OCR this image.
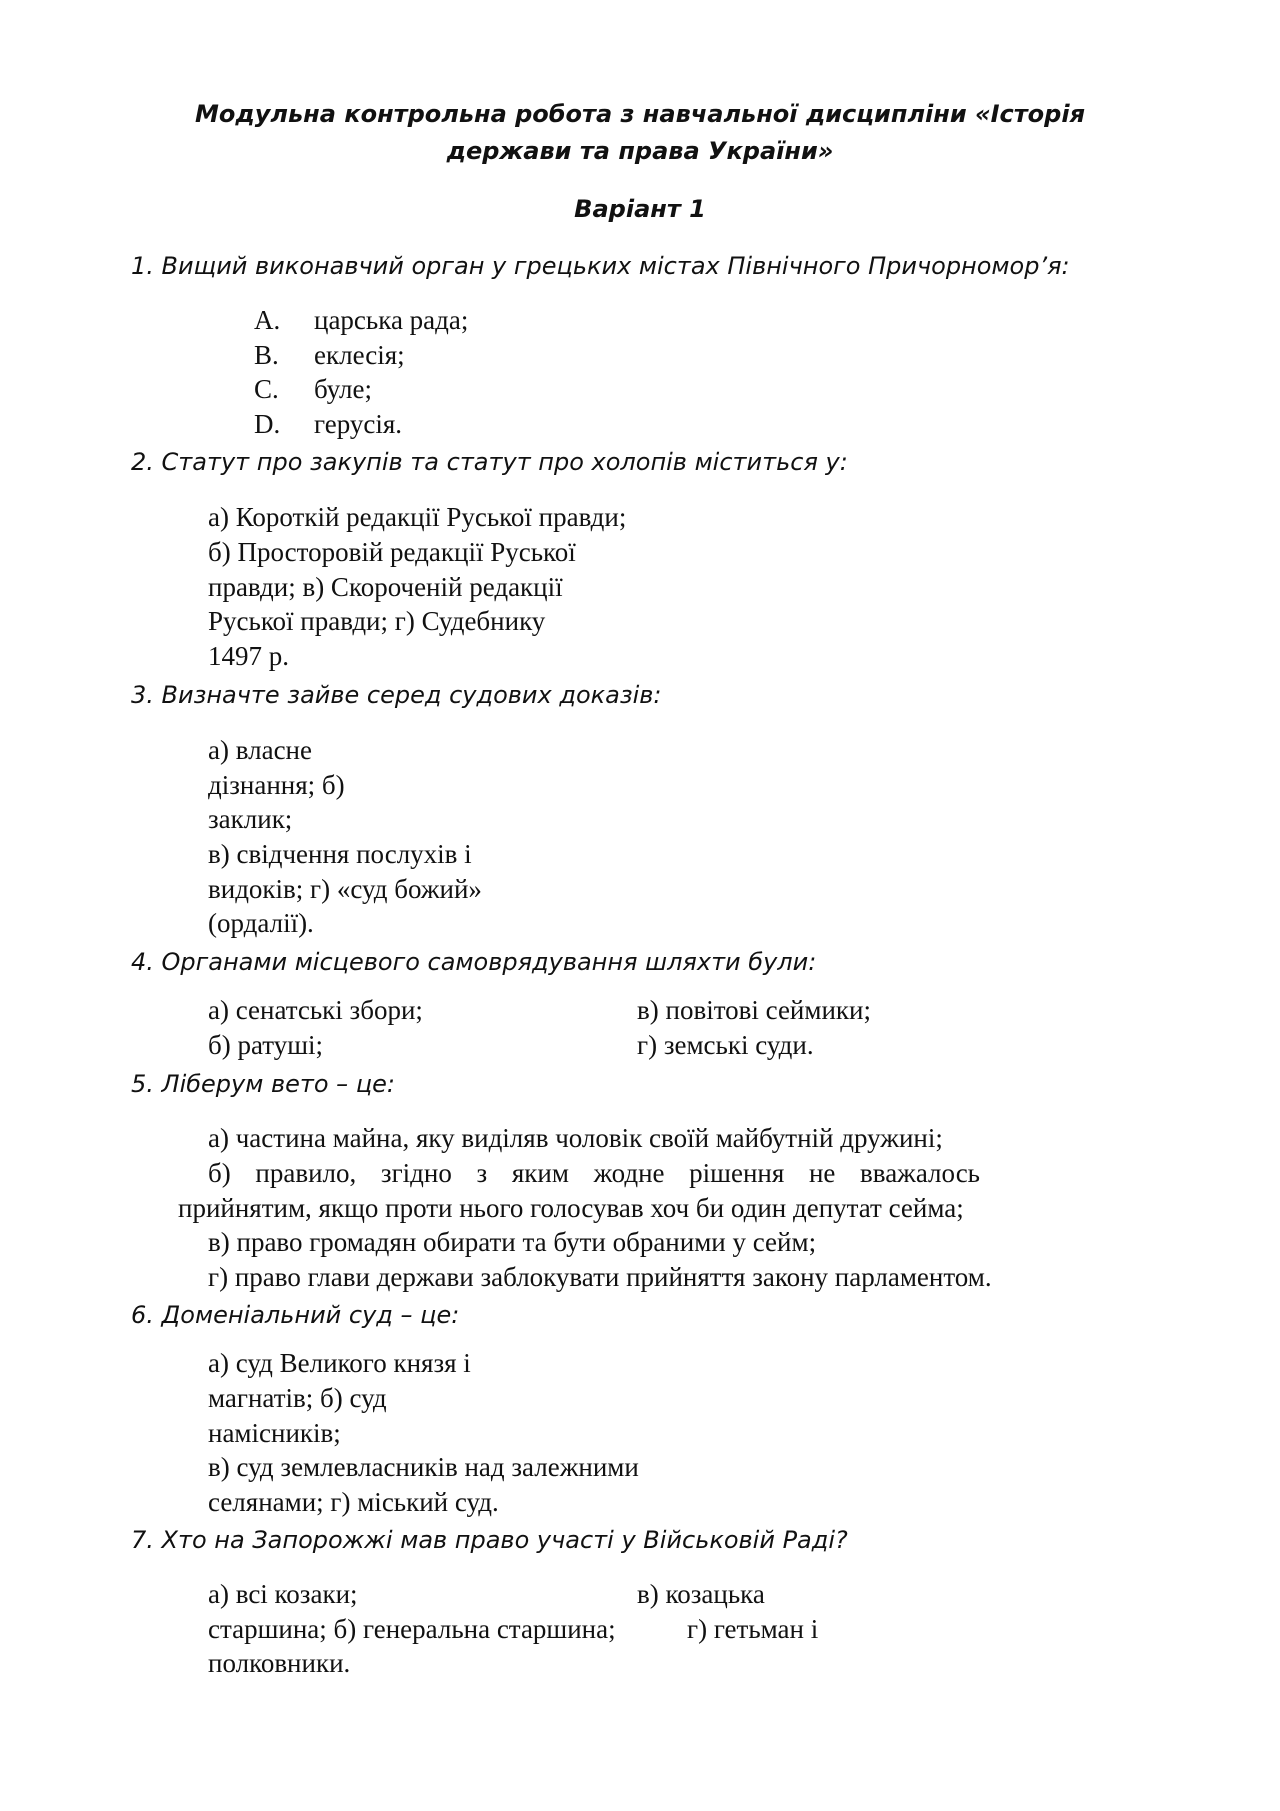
Модульна контрольна робота з навчальної дисципліни «Історія
держави та права України»
Варіант 1
1. Вищий виконавчий орган у грецьких містах Північного Причорномор’я:
A.	царська рада;
B.	еклесія;
C.	буле;
D.	герусія.
2. Статут про закупів та статут про холопів міститься у:
а) Короткій редакції Руської правди;
б) Просторовій редакції Руської
правди; в) Скороченій редакції
Руської правди; г) Судебнику
1497 р.
3. Визначте зайве серед судових доказів:
а) власне
дізнання; б)
заклик;
в) свідчення послухів і
видоків; г) «суд божий»
(ордалії).
4. Органами місцевого самоврядування шляхти були:
а) сенатські збори;	в) повітові сеймики;
б) ратуші;	г) земські суди.
5. Ліберум вето – це:
а) частина майна, яку виділяв чоловік своїй майбутній дружині;
б) правило, згідно з яким жодне рішення не вважалось
прийнятим, якщо проти нього голосував хоч би один депутат сейма;
в) право громадян обирати та бути обраними у сейм;
г) право глави держави заблокувати прийняття закону парламентом.
6. Доменіальний суд – це:
а) суд Великого князя і
магнатів; б) суд
намісників;
в) суд землевласників над залежними
селянами; г) міський суд.
7. Хто на Запорожжі мав право участі у Військовій Раді?
а) всі козаки;	в) козацька
старшина; б) генеральна старшина;	г) гетьман і
полковники.
